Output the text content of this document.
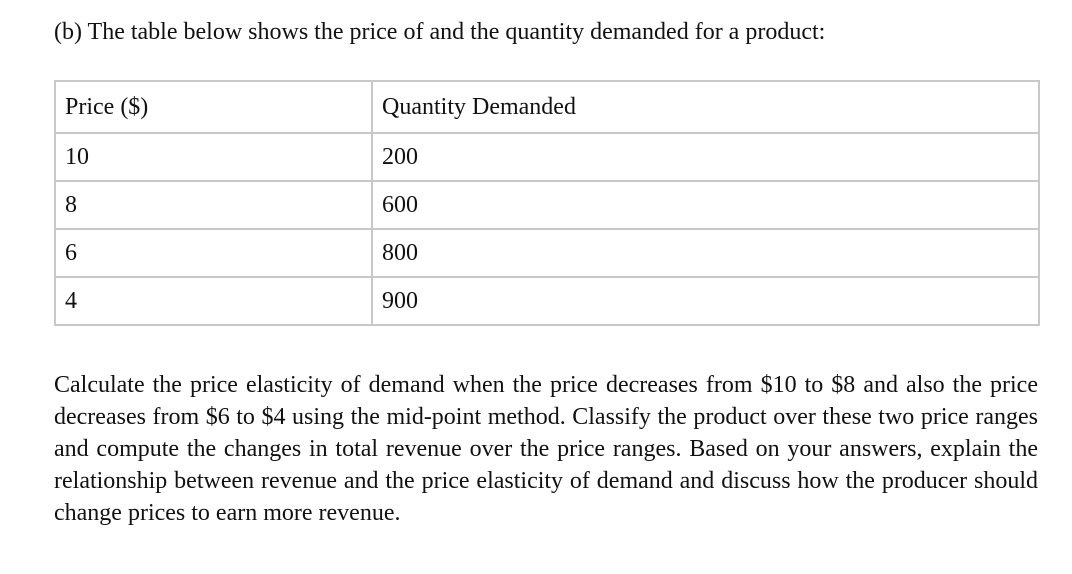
(b) The table below shows the price of and the quantity demanded for a product:

Price ($)	Quantity Demanded
10	200
8	600
6	800
4	900

Calculate the price elasticity of demand when the price decreases from $10 to $8 and also the price decreases from $6 to $4 using the mid-point method. Classify the product over these two price ranges and compute the changes in total revenue over the price ranges. Based on your answers, explain the relationship between revenue and the price elasticity of demand and discuss how the producer should change prices to earn more revenue.
